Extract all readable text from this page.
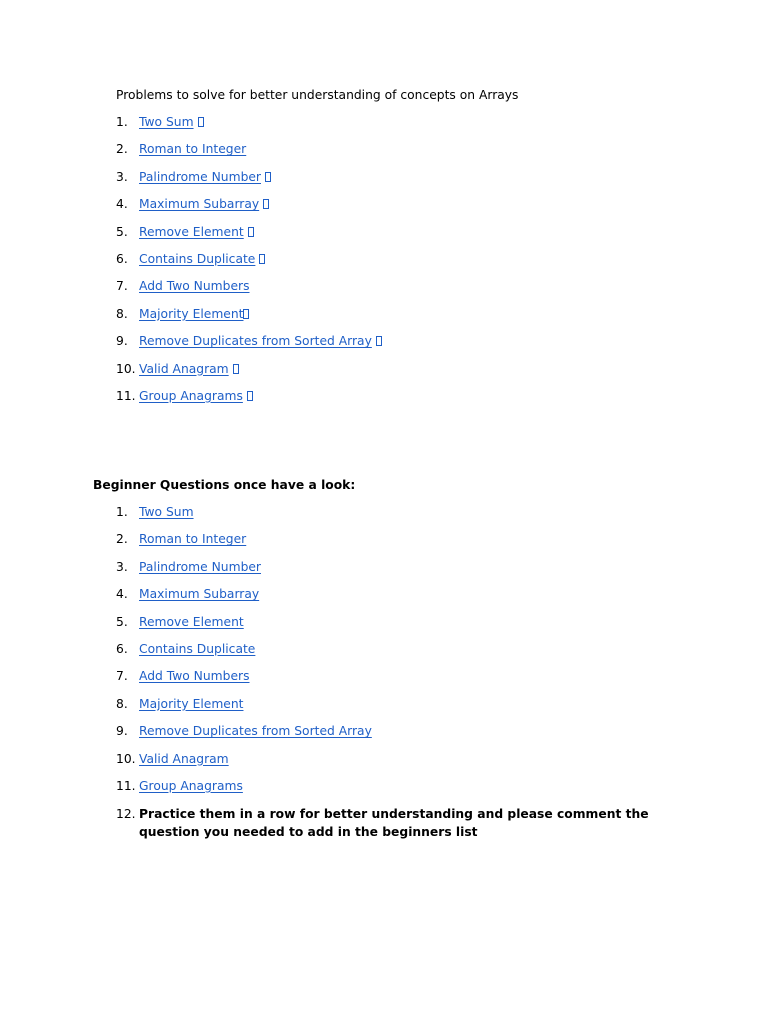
Problems to solve for better understanding of concepts on Arrays

1. Two Sum
2. Roman to Integer
3. Palindrome Number
4. Maximum Subarray
5. Remove Element
6. Contains Duplicate
7. Add Two Numbers
8. Majority Element
9. Remove Duplicates from Sorted Array
10. Valid Anagram
11. Group Anagrams

Beginner Questions once have a look:

1. Two Sum
2. Roman to Integer
3. Palindrome Number
4. Maximum Subarray
5. Remove Element
6. Contains Duplicate
7. Add Two Numbers
8. Majority Element
9. Remove Duplicates from Sorted Array
10. Valid Anagram
11. Group Anagrams
12. Practice them in a row for better understanding and please comment the question you needed to add in the beginners list
